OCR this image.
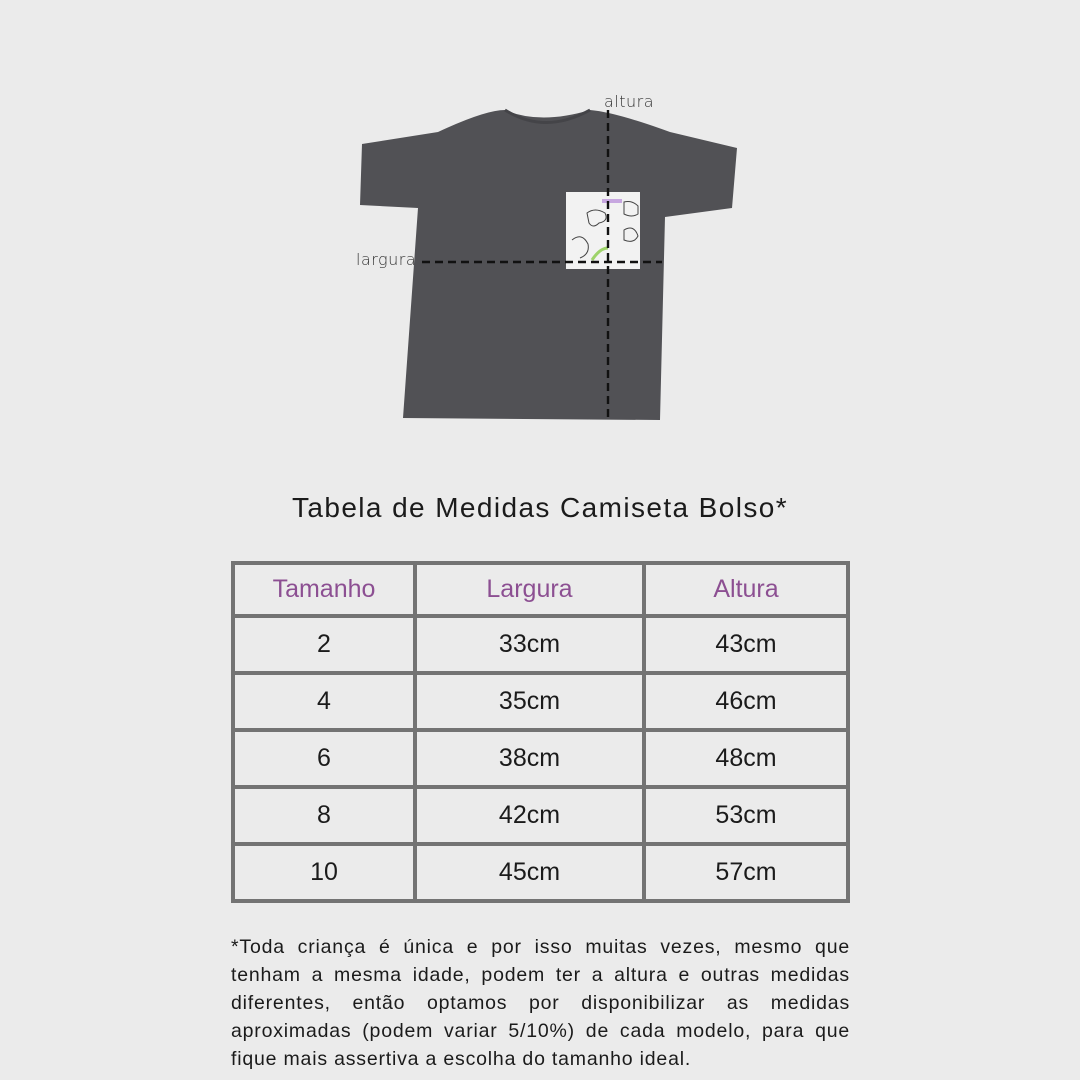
altura
largura
Tabela de Medidas Camiseta Bolso*
Tamanho	Largura	Altura
2	33cm	43cm
4	35cm	46cm
6	38cm	48cm
8	42cm	53cm
10	45cm	57cm

*Toda criança é única e por isso muitas vezes, mesmo que tenham a mesma idade, podem ter a altura e outras medidas diferentes, então optamos por disponibilizar as medidas aproximadas (podem variar 5/10%) de cada modelo, para que fique mais assertiva a escolha do tamanho ideal.
